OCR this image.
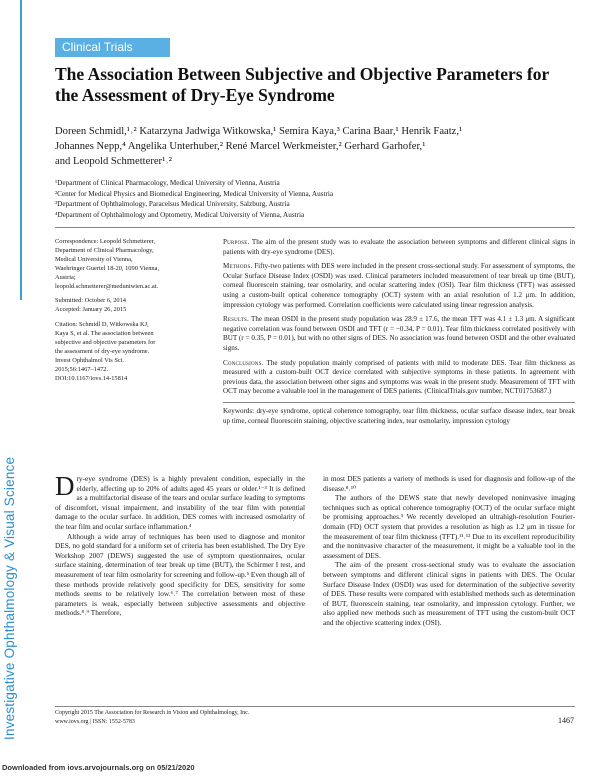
Investigative Ophthalmology & Visual Science
Clinical Trials
The Association Between Subjective and Objective Parameters for the Assessment of Dry-Eye Syndrome
Doreen Schmidl,¹˒² Katarzyna Jadwiga Witkowska,¹ Semira Kaya,³ Carina Baar,¹ Henrik Faatz,¹
Johannes Nepp,⁴ Angelika Unterhuber,² René Marcel Werkmeister,² Gerhard Garhofer,¹
and Leopold Schmetterer¹˒²
¹Department of Clinical Pharmacology, Medical University of Vienna, Austria
²Center for Medical Physics and Biomedical Engineering, Medical University of Vienna, Austria
³Department of Ophthalmology, Paracelsus Medical University, Salzburg, Austria
⁴Department of Ophthalmology and Optometry, Medical University of Vienna, Austria

Correspondence: Leopold Schmetterer, Department of Clinical Pharmacology, Medical University of Vienna, Waehringer Guertel 18-20, 1090 Vienna, Austria; leopold.schmetterer@meduniwien.ac.at.

Submitted: October 6, 2014
Accepted: January 26, 2015

Citation: Schmidl D, Witkowska KJ, Kaya S, et al. The association between subjective and objective parameters for the assessment of dry-eye syndrome. Invest Ophthalmol Vis Sci. 2015;56:1467–1472. DOI:10.1167/iovs.14-15814

Purpose. The aim of the present study was to evaluate the association between symptoms and different clinical signs in patients with dry-eye syndrome (DES).

Methods. Fifty-two patients with DES were included in the present cross-sectional study. For assessment of symptoms, the Ocular Surface Disease Index (OSDI) was used. Clinical parameters included measurement of tear break up time (BUT), corneal fluorescein staining, tear osmolarity, and ocular scattering index (OSI). Tear film thickness (TFT) was assessed using a custom-built optical coherence tomography (OCT) system with an axial resolution of 1.2 μm. In addition, impression cytology was performed. Correlation coefficients were calculated using linear regression analysis.

Results. The mean OSDI in the present study population was 28.9 ± 17.6, the mean TFT was 4.1 ± 1.3 μm. A significant negative correlation was found between OSDI and TFT (r = −0.34, P = 0.01). Tear film thickness correlated positively with BUT (r = 0.35, P = 0.01), but with no other signs of DES. No association was found between OSDI and the other evaluated signs.

Conclusions. The study population mainly comprised of patients with mild to moderate DES. Tear film thickness as measured with a custom-built OCT device correlated with subjective symptoms in these patients. In agreement with previous data, the association between other signs and symptoms was weak in the present study. Measurement of TFT with OCT may become a valuable tool in the management of DES patients. (ClinicalTrials.gov number, NCT01753687.)

Keywords: dry-eye syndrome, optical coherence tomography, tear film thickness, ocular surface disease index, tear break up time, corneal fluorescein staining, objective scattering index, tear osmolarity, impression cytology

Dry-eye syndrome (DES) is a highly prevalent condition, especially in the elderly, affecting up to 20% of adults aged 45 years or older.¹⁻³ It is defined as a multifactorial disease of the tears and ocular surface leading to symptoms of discomfort, visual impairment, and instability of the tear film with potential damage to the ocular surface. In addition, DES comes with increased osmolarity of the tear film and ocular surface inflammation.⁴

Although a wide array of techniques has been used to diagnose and monitor DES, no gold standard for a uniform set of criteria has been established. The Dry Eye Workshop 2007 (DEWS) suggested the use of symptom questionnaires, ocular surface staining, determination of tear break up time (BUT), the Schirmer I test, and measurement of tear film osmolarity for screening and follow-up.⁵ Even though all of these methods provide relatively good specificity for DES, sensitivity for some methods seems to be relatively low.⁶˒⁷ The correlation between most of these parameters is weak, especially between subjective assessments and objective methods.⁸˒⁹ Therefore,

in most DES patients a variety of methods is used for diagnosis and follow-up of the disease.⁸˒¹⁰

The authors of the DEWS state that newly developed noninvasive imaging techniques such as optical coherence tomography (OCT) of the ocular surface might be promising approaches.⁵ We recently developed an ultrahigh-resolution Fourier-domain (FD) OCT system that provides a resolution as high as 1.2 μm in tissue for the measurement of tear film thickness (TFT).¹¹˒¹² Due to its excellent reproducibility and the noninvasive character of the measurement, it might be a valuable tool in the assessment of DES.

The aim of the present cross-sectional study was to evaluate the association between symptoms and different clinical signs in patients with DES. The Ocular Surface Disease Index (OSDI) was used for determination of the subjective severity of DES. These results were compared with established methods such as determination of BUT, fluorescein staining, tear osmolarity, and impression cytology. Further, we also applied new methods such as measurement of TFT using the custom-built OCT and the objective scattering index (OSI).

Copyright 2015 The Association for Research in Vision and Ophthalmology, Inc.
www.iovs.org | ISSN: 1552-5783	1467
Downloaded from iovs.arvojournals.org on 05/21/2020
